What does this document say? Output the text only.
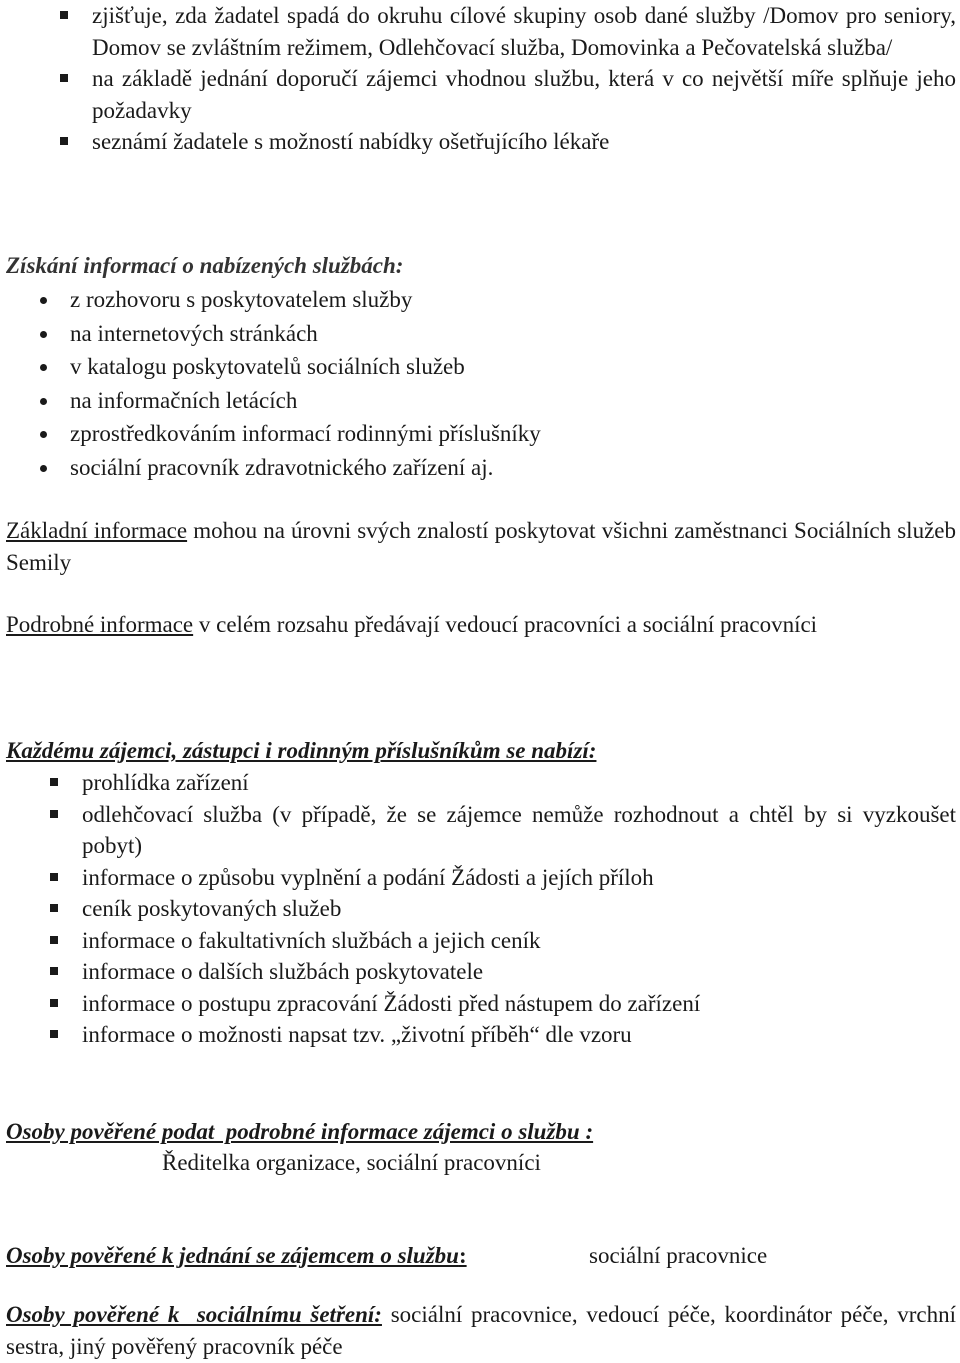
zjišťuje, zda žadatel spadá do okruhu cílové skupiny osob dané služby /Domov pro seniory, Domov se zvláštním režimem, Odlehčovací služba, Domovinka a Pečovatelská služba/
na základě jednání doporučí zájemci vhodnou službu, která v co největší míře splňuje jeho požadavky
seznámí žadatele s možností nabídky ošetřujícího lékaře

Získání informací o nabízených službách:

z rozhovoru s poskytovatelem služby
na internetových stránkách
v katalogu poskytovatelů sociálních služeb
na informačních letácích
zprostředkováním informací rodinnými příslušníky
sociální pracovník zdravotnického zařízení aj.

Základní informace mohou na úrovni svých znalostí poskytovat všichni zaměstnanci Sociálních služeb Semily

Podrobné informace v celém rozsahu předávají vedoucí pracovníci a sociální pracovníci

Každému zájemci, zástupci i rodinným příslušníkům se nabízí:

prohlídka zařízení
odlehčovací služba (v případě, že se zájemce nemůže rozhodnout a chtěl by si vyzkoušet pobyt)
informace o způsobu vyplnění a podání Žádosti a jejích příloh
ceník poskytovaných služeb
informace o fakultativních službách a jejich ceník
informace o dalších službách poskytovatele
informace o postupu zpracování Žádosti před nástupem do zařízení
informace o možnosti napsat tzv. „životní příběh“ dle vzoru

Osoby pověřené podat  podrobné informace zájemci o službu :

Ředitelka organizace, sociální pracovníci

Osoby pověřené k jednání se zájemcem o službu:	sociální pracovnice

Osoby pověřené k  sociálnímu šetření: sociální pracovnice, vedoucí péče, koordinátor péče, vrchní sestra, jiný pověřený pracovník péče
